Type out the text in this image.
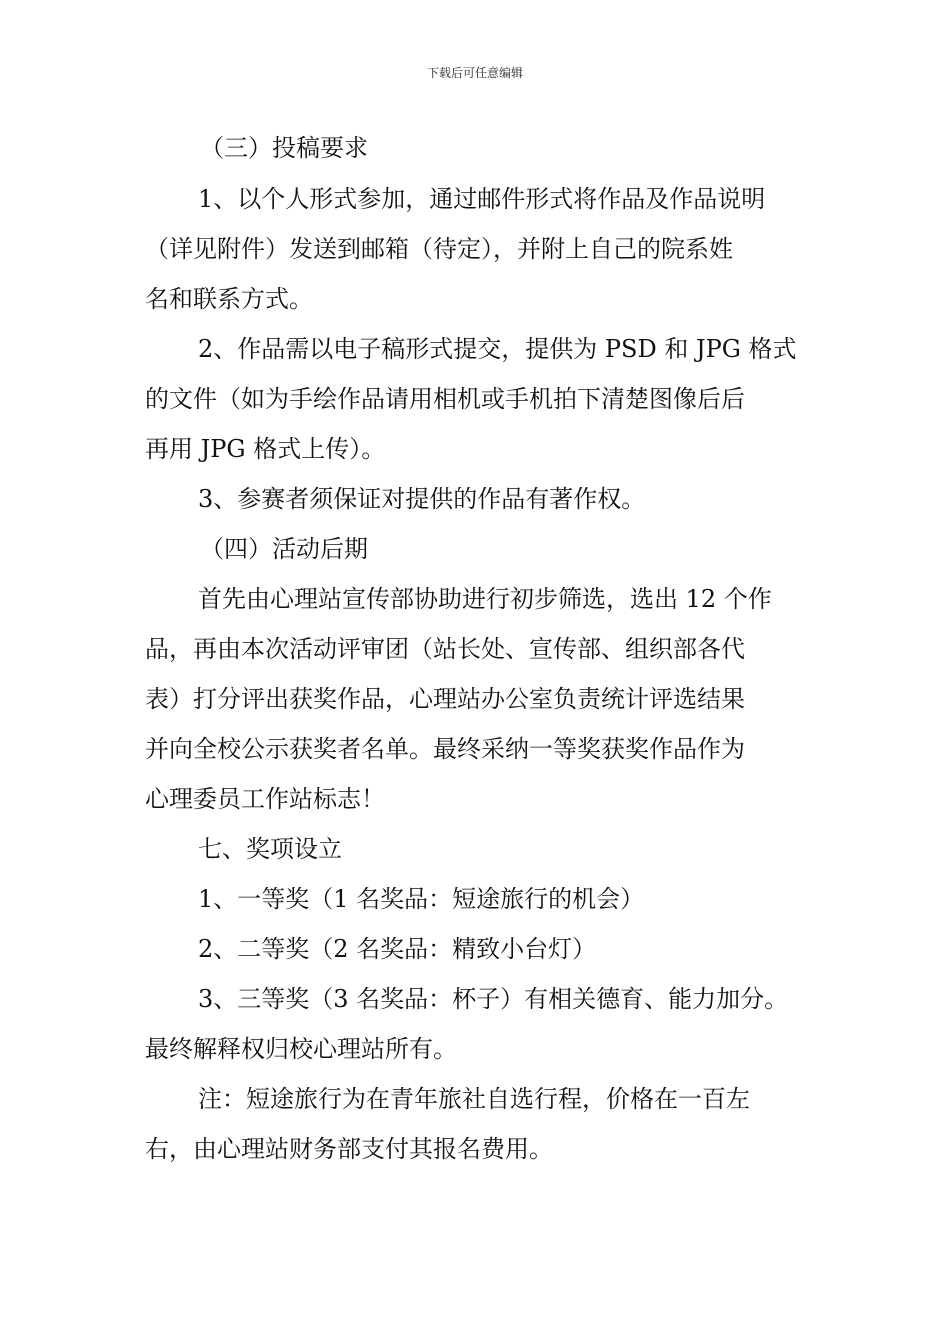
下载后可任意编辑
（三）投稿要求
1、以个人形式参加，通过邮件形式将作品及作品说明
（详见附件）发送到邮箱（待定），并附上自己的院系姓
名和联系方式。
2、作品需以电子稿形式提交，提供为 PSD 和 JPG 格式
的文件（如为手绘作品请用相机或手机拍下清楚图像后后
再用 JPG 格式上传）。
3、参赛者须保证对提供的作品有著作权。
（四）活动后期
首先由心理站宣传部协助进行初步筛选，选出 12 个作
品，再由本次活动评审团（站长处、宣传部、组织部各代
表）打分评出获奖作品，心理站办公室负责统计评选结果
并向全校公示获奖者名单。最终采纳一等奖获奖作品作为
心理委员工作站标志！
七、奖项设立
1、一等奖（1 名奖品：短途旅行的机会）
2、二等奖（2 名奖品：精致小台灯）
3、三等奖（3 名奖品：杯子）有相关德育、能力加分。
最终解释权归校心理站所有。
注：短途旅行为在青年旅社自选行程，价格在一百左
右，由心理站财务部支付其报名费用。
